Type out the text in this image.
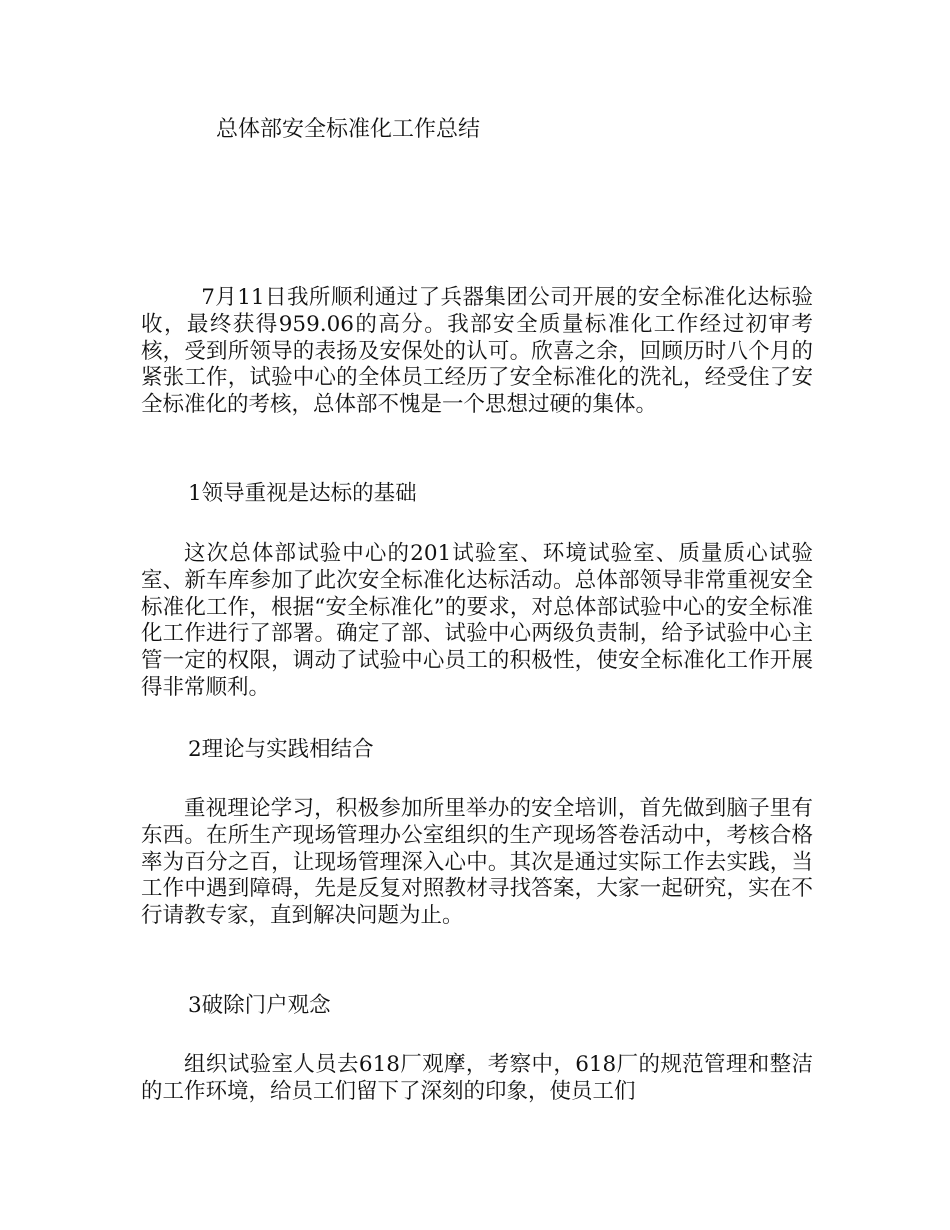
总体部安全标准化工作总结

7月11日我所顺利通过了兵器集团公司开展的安全标准化达标验收，最终获得959.06的高分。我部安全质量标准化工作经过初审考核，受到所领导的表扬及安保处的认可。欣喜之余，回顾历时八个月的紧张工作，试验中心的全体员工经历了安全标准化的洗礼，经受住了安全标准化的考核，总体部不愧是一个思想过硬的集体。

1领导重视是达标的基础

这次总体部试验中心的201试验室、环境试验室、质量质心试验室、新车库参加了此次安全标准化达标活动。总体部领导非常重视安全标准化工作，根据“安全标准化”的要求，对总体部试验中心的安全标准化工作进行了部署。确定了部、试验中心两级负责制，给予试验中心主管一定的权限，调动了试验中心员工的积极性，使安全标准化工作开展得非常顺利。

2理论与实践相结合

重视理论学习，积极参加所里举办的安全培训，首先做到脑子里有东西。在所生产现场管理办公室组织的生产现场答卷活动中，考核合格率为百分之百，让现场管理深入心中。其次是通过实际工作去实践，当工作中遇到障碍，先是反复对照教材寻找答案，大家一起研究，实在不行请教专家，直到解决问题为止。

3破除门户观念

组织试验室人员去618厂观摩，考察中，618厂的规范管理和整洁的工作环境，给员工们留下了深刻的印象，使员工们
